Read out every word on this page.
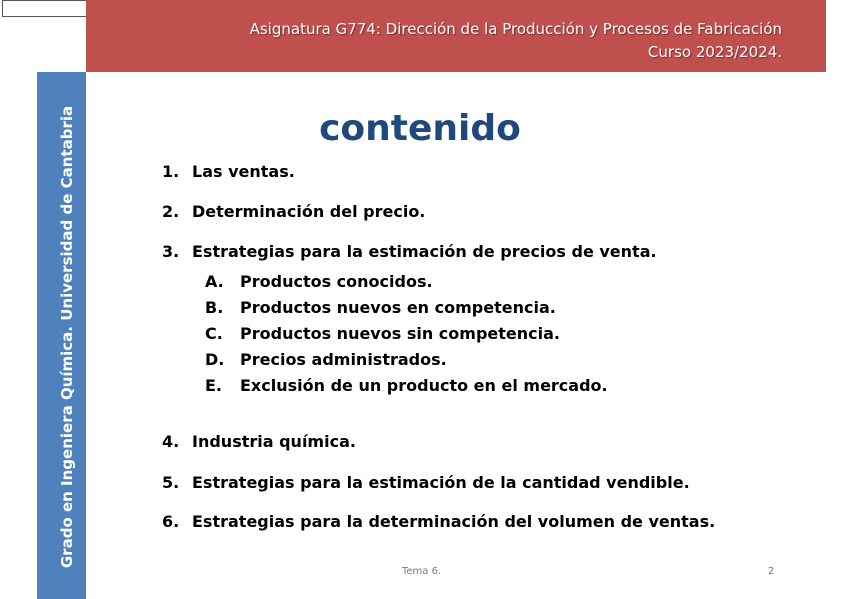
Asignatura G774: Dirección de la Producción y Procesos de Fabricación
Curso 2023/2024.
Grado en Ingeniera Química. Universidad de Cantabria	contenido
1. Las ventas.
2. Determinación del precio.
3. Estrategias para la estimación de precios de venta.
A. Productos conocidos.
B. Productos nuevos en competencia.
C. Productos nuevos sin competencia.
D. Precios administrados.
E. Exclusión de un producto en el mercado.
4. Industria química.
5. Estrategias para la estimación de la cantidad vendible.
6. Estrategias para la determinación del volumen de ventas.
Tema 6.	2
